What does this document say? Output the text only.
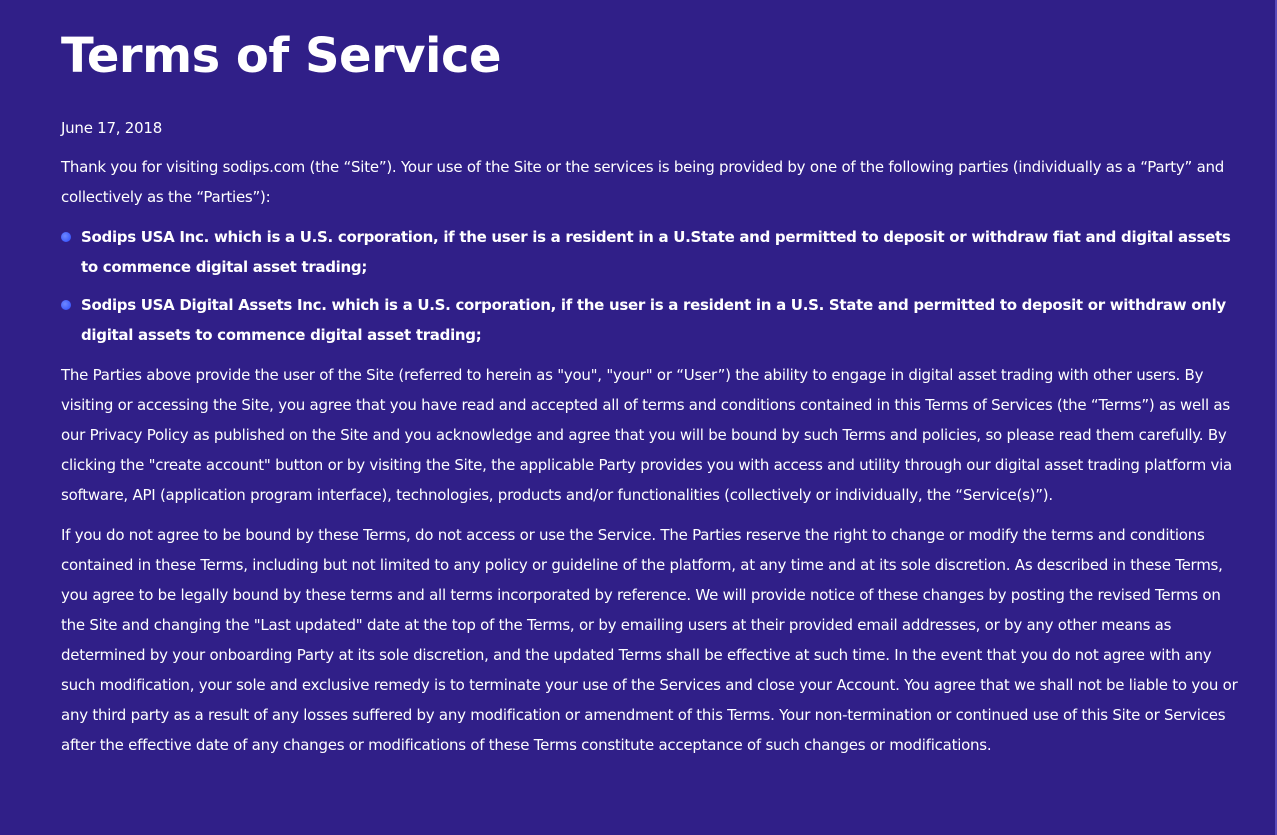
Terms of Service

June 17, 2018

Thank you for visiting sodips.com (the “Site”). Your use of the Site or the services is being provided by one of the following parties (individually as a “Party” and collectively as the “Parties”):

Sodips USA Inc. which is a U.S. corporation, if the user is a resident in a U.State and permitted to deposit or withdraw fiat and digital assets to commence digital asset trading;
Sodips USA Digital Assets Inc. which is a U.S. corporation, if the user is a resident in a U.S. State and permitted to deposit or withdraw only digital assets to commence digital asset trading;

The Parties above provide the user of the Site (referred to herein as "you", "your" or “User”) the ability to engage in digital asset trading with other users. By visiting or accessing the Site, you agree that you have read and accepted all of terms and conditions contained in this Terms of Services (the “Terms”) as well as our Privacy Policy as published on the Site and you acknowledge and agree that you will be bound by such Terms and policies, so please read them carefully. By clicking the "create account" button or by visiting the Site, the applicable Party provides you with access and utility through our digital asset trading platform via software, API (application program interface), technologies, products and/or functionalities (collectively or individually, the “Service(s)”).

If you do not agree to be bound by these Terms, do not access or use the Service. The Parties reserve the right to change or modify the terms and conditions contained in these Terms, including but not limited to any policy or guideline of the platform, at any time and at its sole discretion. As described in these Terms, you agree to be legally bound by these terms and all terms incorporated by reference. We will provide notice of these changes by posting the revised Terms on the Site and changing the "Last updated" date at the top of the Terms, or by emailing users at their provided email addresses, or by any other means as determined by your onboarding Party at its sole discretion, and the updated Terms shall be effective at such time. In the event that you do not agree with any such modification, your sole and exclusive remedy is to terminate your use of the Services and close your Account. You agree that we shall not be liable to you or any third party as a result of any losses suffered by any modification or amendment of this Terms. Your non-termination or continued use of this Site or Services after the effective date of any changes or modifications of these Terms constitute acceptance of such changes or modifications.
